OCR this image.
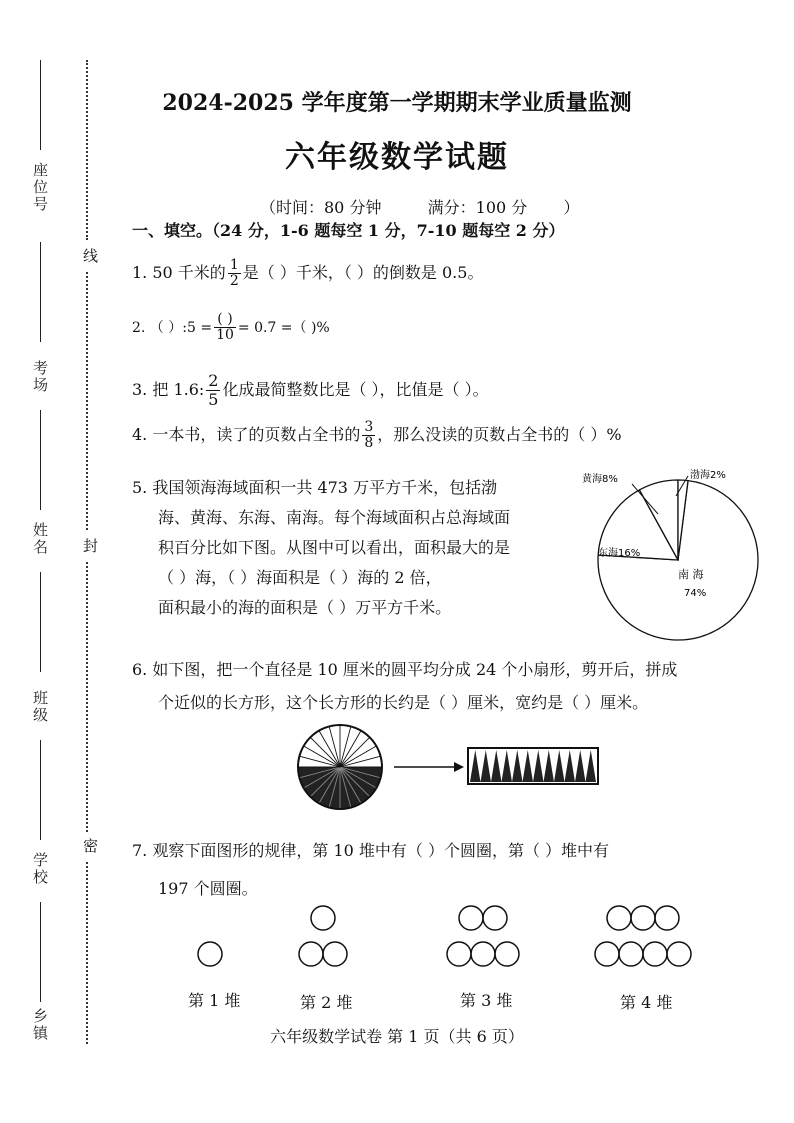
座位号
考场
姓名
班级
学校
乡镇
线
封
密
2024-2025 学年度第一学期期末学业质量监测
六年级数学试题
（时间：80 分钟	满分：100 分 ）
一、填空。（24 分，1-6 题每空 1 分，7-10 题每空 2 分）
1. 50 千米的 $\frac{1}{2}$ 是（ ）千米，（ ）的倒数是 0.5。
2. （ ）:5 = $\frac{( )}{10} = 0.7$ =（ )%
3. 把 1.6: $\frac{2}{5}$ 化成最简整数比是（ ），比值是（ ）。
4. 一本书，读了的页数占全书的 $\frac{3}{8}$ ，那么没读的页数占全书的（ ）%
5. 我国领海海域面积一共 473 万平方千米，包括渤
海、黄海、东海、南海。每个海域面积占总海域面
积百分比如下图。从图中可以看出，面积最大的是
（ ）海，（ ）海面积是（ ）海的 2 倍，
面积最小的海的面积是（ ）万平方千米。
南 海
74%
东海16%
黄海8%	渤海2%
6. 如下图，把一个直径是 10 厘米的圆平均分成 24 个小扇形，剪开后，拼成
个近似的长方形，这个长方形的长约是（ ）厘米，宽约是（ ）厘米。
7. 观察下面图形的规律，第 10 堆中有（ ）个圆圈，第（ ）堆中有
197 个圆圈。
第 1 堆	第 2 堆	第 3 堆	第 4 堆
六年级数学试卷 第 1 页（共 6 页）
